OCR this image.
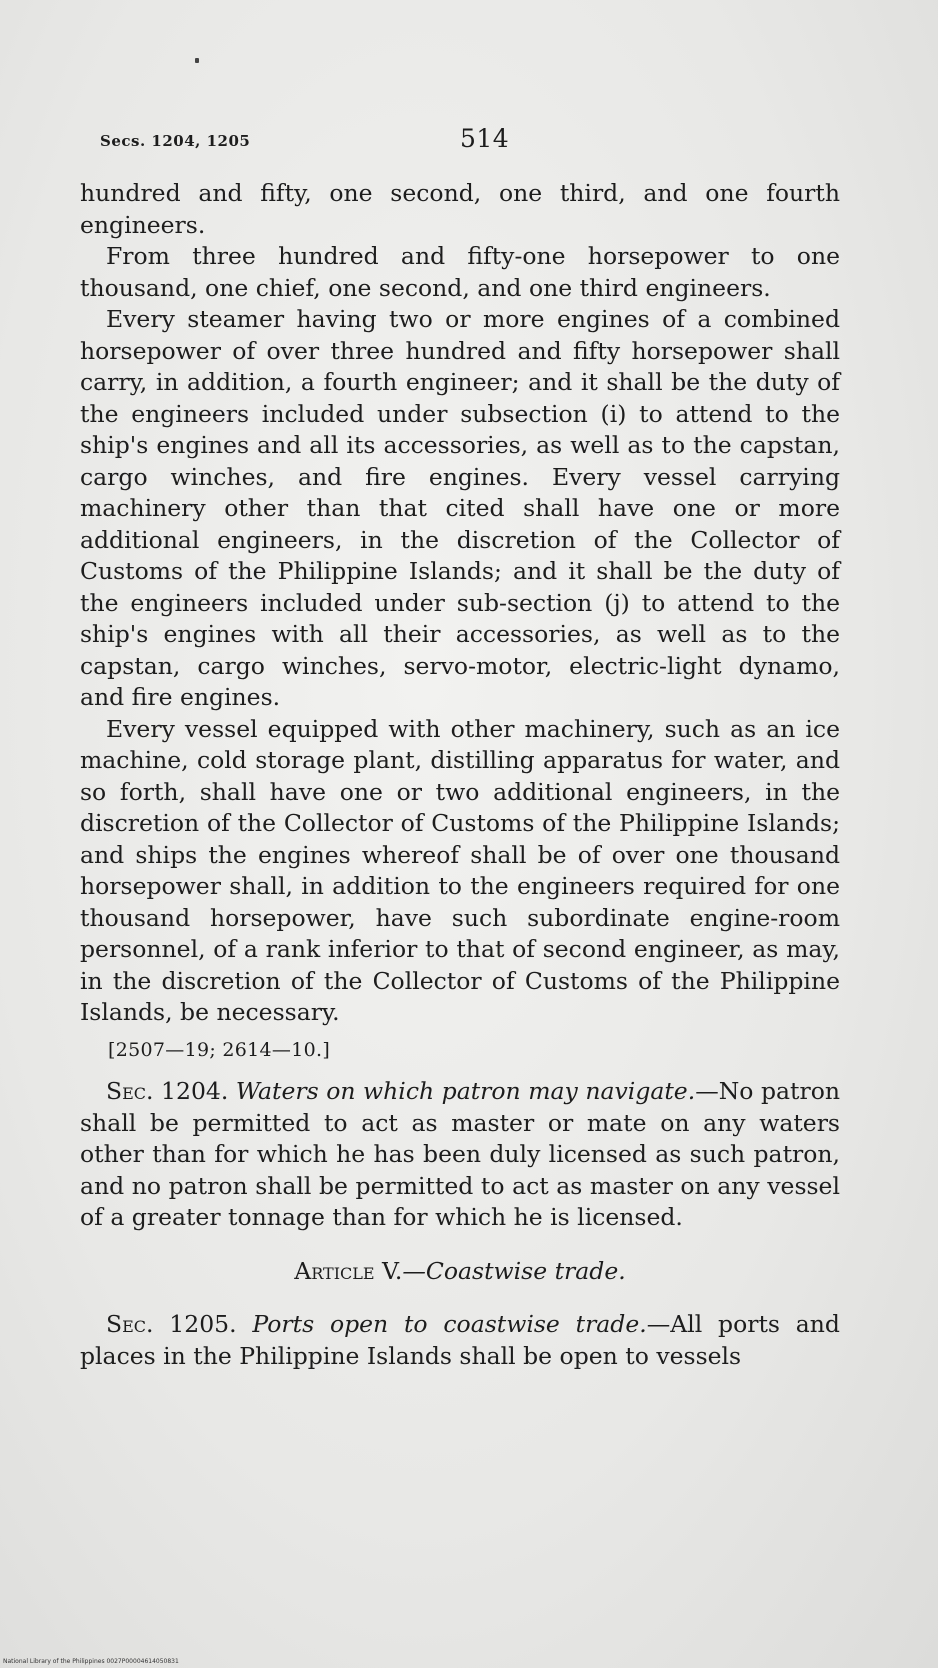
Secs. 1204, 1205	514

hundred and fifty, one second, one third, and one fourth engineers.

From three hundred and fifty-one horsepower to one thousand, one chief, one second, and one third engineers.

Every steamer having two or more engines of a combined horsepower of over three hundred and fifty horsepower shall carry, in addition, a fourth engineer; and it shall be the duty of the engineers included under subsection (i) to attend to the ship's engines and all its accessories, as well as to the capstan, cargo winches, and fire engines. Every vessel carrying machinery other than that cited shall have one or more additional engineers, in the discretion of the Collector of Customs of the Philippine Islands; and it shall be the duty of the engineers included under sub-section (j) to attend to the ship's engines with all their accessories, as well as to the capstan, cargo winches, servo-motor, electric-light dynamo, and fire engines.

Every vessel equipped with other machinery, such as an ice machine, cold storage plant, distilling apparatus for water, and so forth, shall have one or two additional engineers, in the discretion of the Collector of Customs of the Philippine Islands; and ships the engines whereof shall be of over one thousand horsepower shall, in addition to the engineers required for one thousand horsepower, have such subordinate engine-room personnel, of a rank inferior to that of second engineer, as may, in the discretion of the Collector of Customs of the Philippine Islands, be necessary.

[2507—19; 2614—10.]

Sec. 1204. Waters on which patron may navigate.—No patron shall be permitted to act as master or mate on any waters other than for which he has been duly licensed as such patron, and no patron shall be permitted to act as master on any vessel of a greater tonnage than for which he is licensed.

Article V.—Coastwise trade.

Sec. 1205. Ports open to coastwise trade.—All ports and places in the Philippine Islands shall be open to vessels

National Library of the Philippines 0027P00004614050831
